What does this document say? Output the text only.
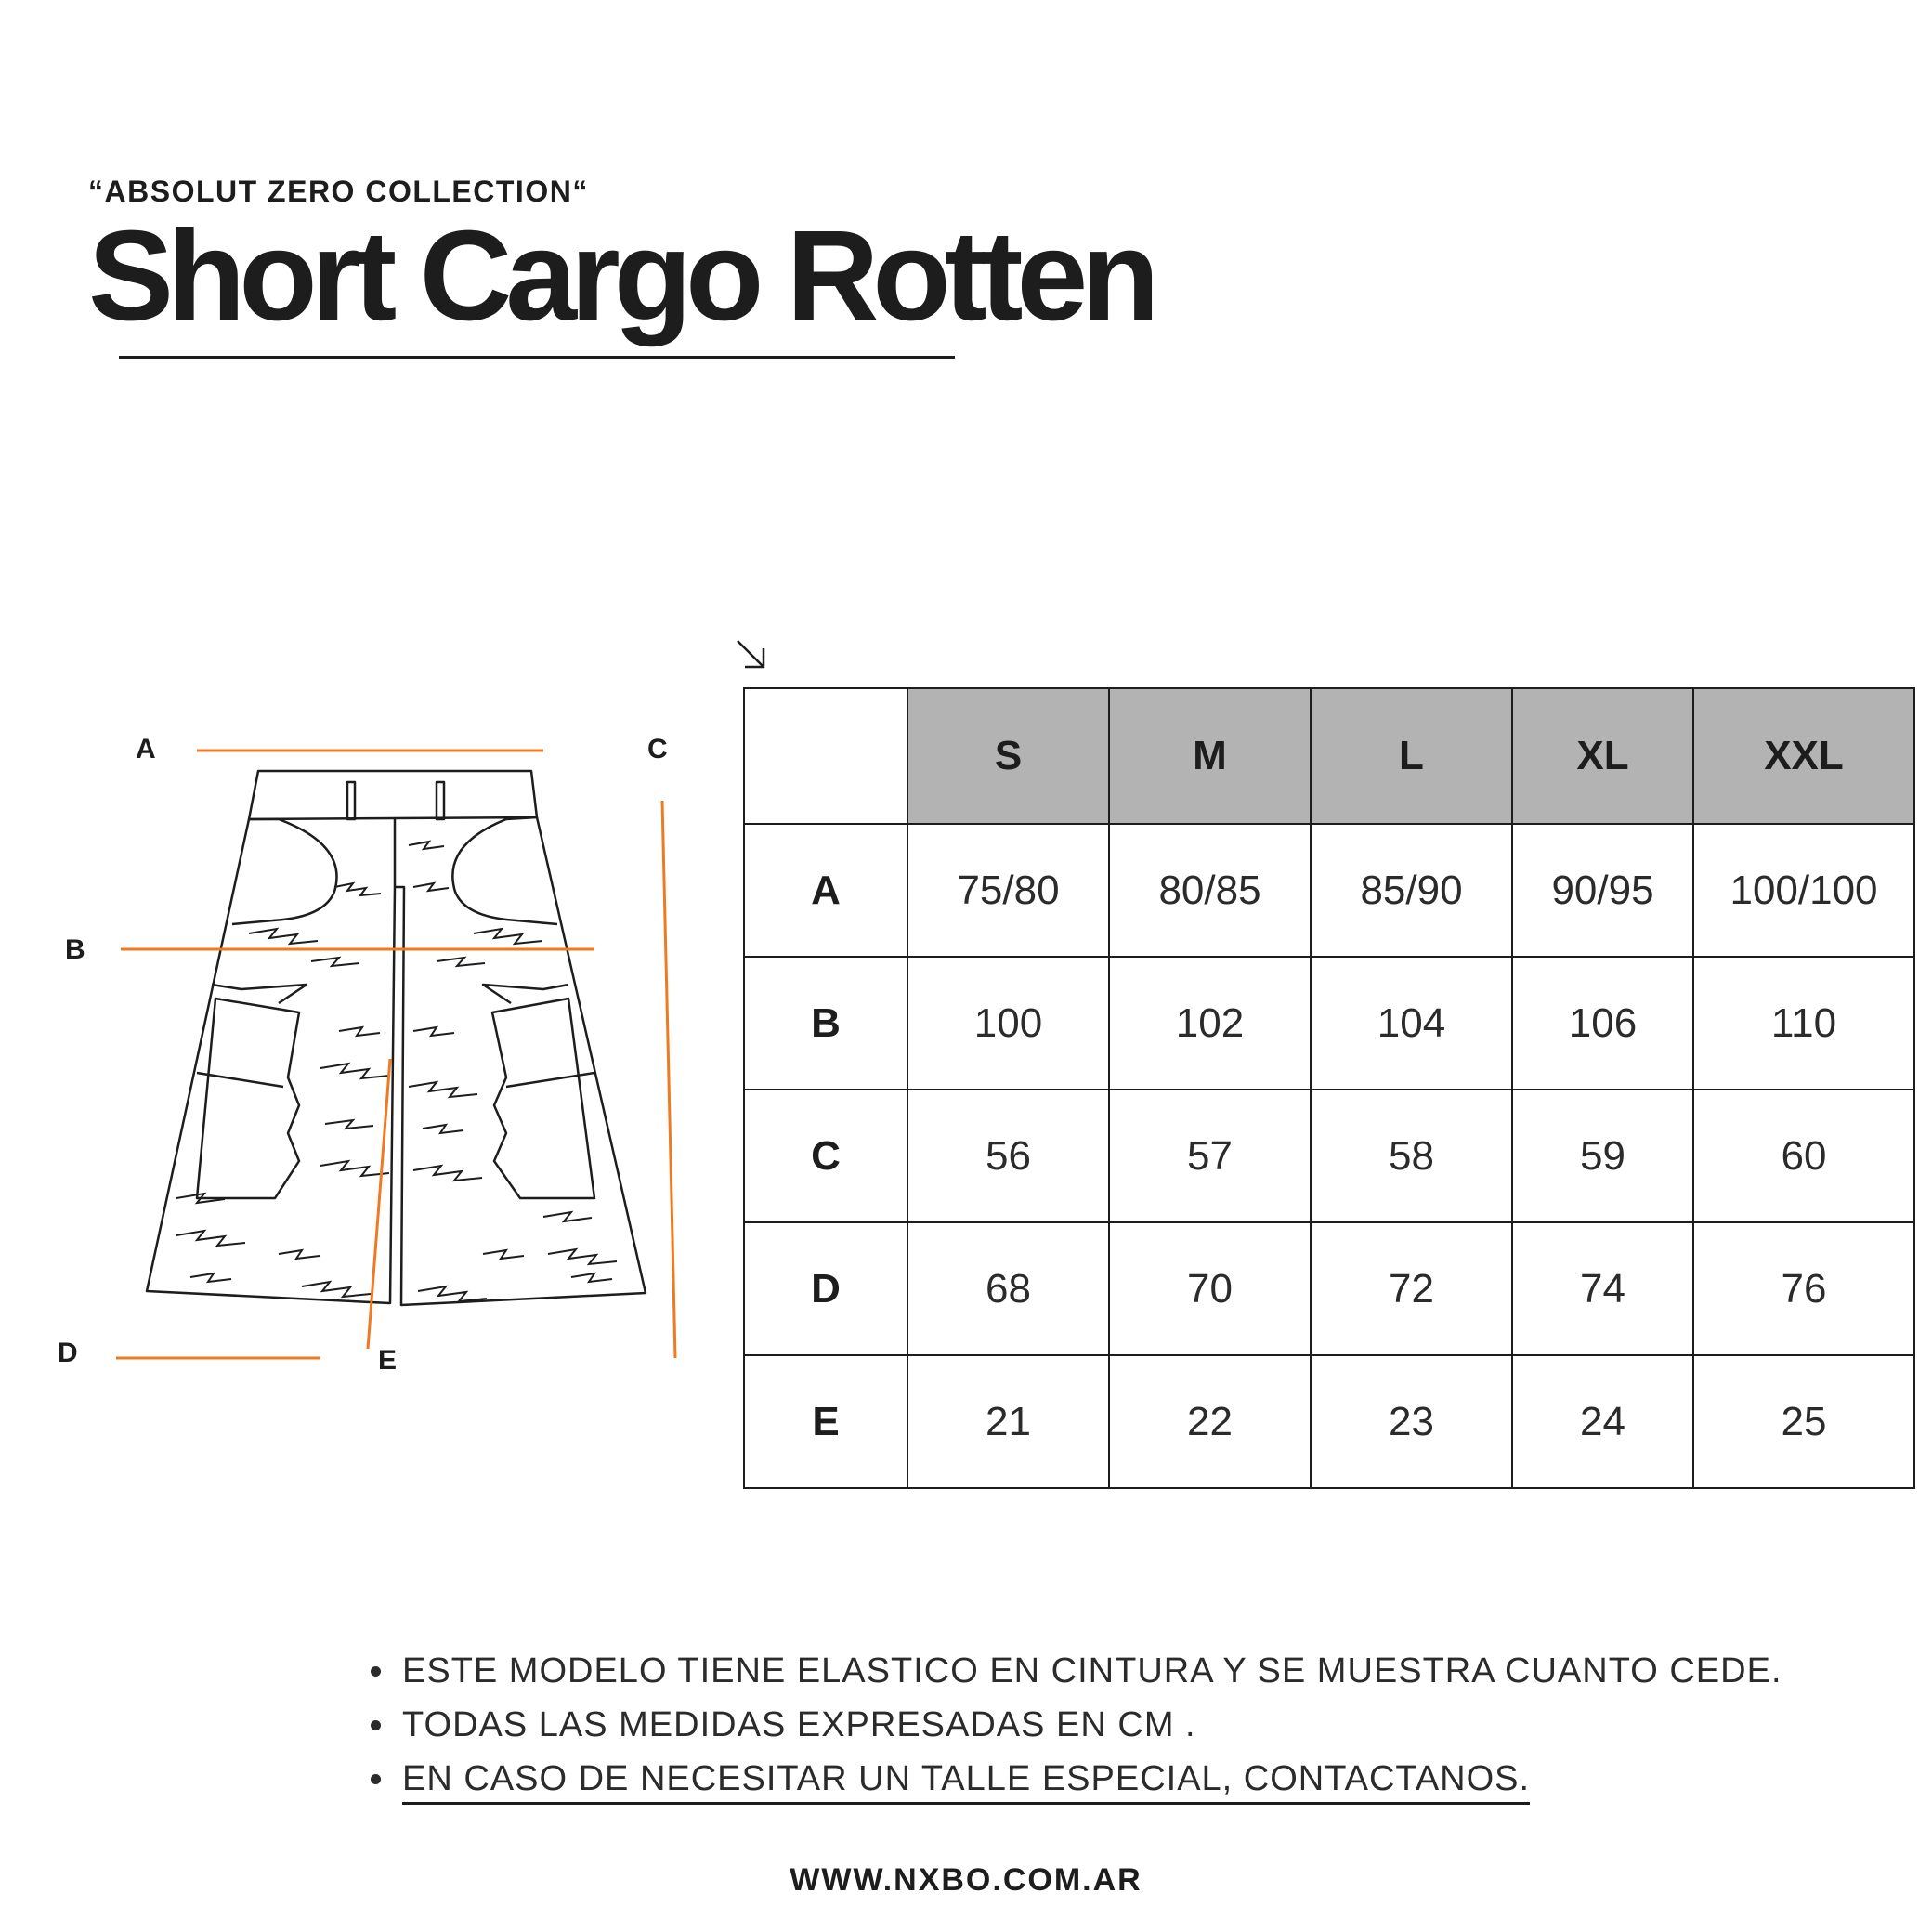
“ABSOLUT ZERO COLLECTION“
Short Cargo Rotten
A
B
C
D	E
	S	M	L	XL	XXL
A	75/80	80/85	85/90	90/95	100/100
B	100	102	104	106	110
C	56	57	58	59	60
D	68	70	72	74	76
E	21	22	23	24	25
ESTE MODELO TIENE ELASTICO EN CINTURA Y SE MUESTRA CUANTO CEDE.
TODAS LAS MEDIDAS EXPRESADAS EN CM .
EN CASO DE NECESITAR UN TALLE ESPECIAL, CONTACTANOS.
WWW.NXBO.COM.AR
